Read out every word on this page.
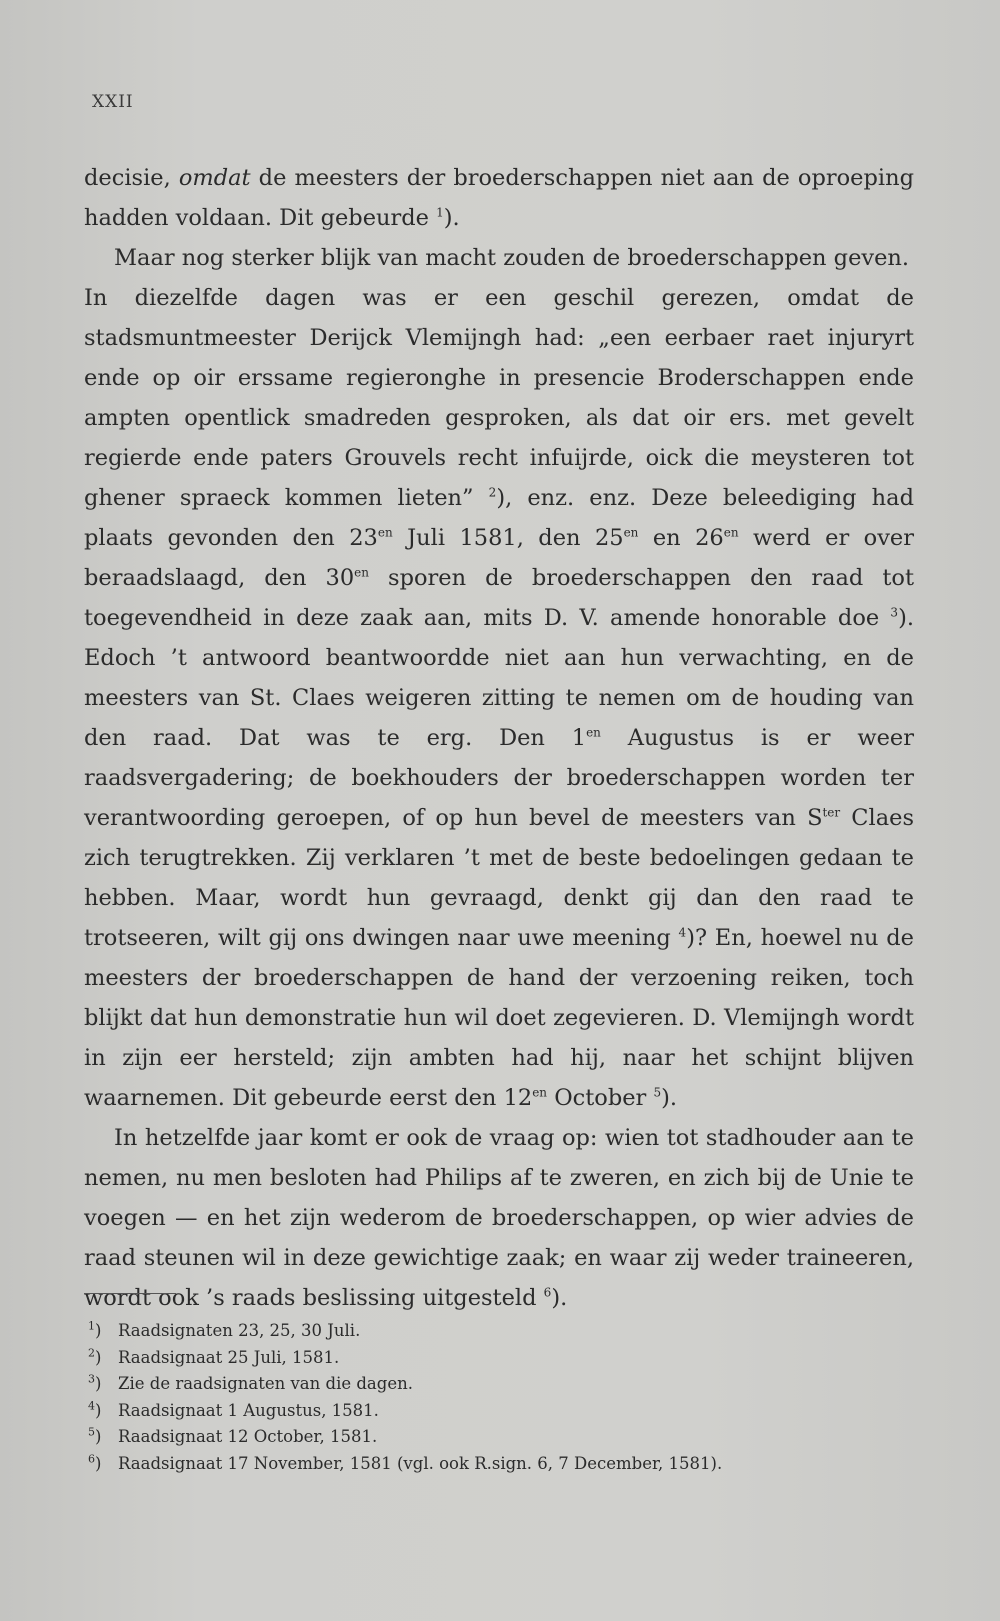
XXII

decisie, omdat de meesters der broederschappen niet aan de oproeping hadden voldaan. Dit gebeurde $^1$).

Maar nog sterker blijk van macht zouden de broederschappen geven.

In diezelfde dagen was er een geschil gerezen, omdat de stadsmuntmeester Derijck Vlemijngh had: „een eerbaer raet injuryrt ende op oir erssame regieronghe in presencie Broderschappen ende ampten opentlick smadreden gesproken, als dat oir ers. met gevelt regierde ende paters Grouvels recht infuijrde, oick die meysteren tot ghener spraeck kommen lieten” $^2$), enz. enz. Deze beleediging had plaats gevonden den $23^{en}$ Juli 1581, den $25^{en}$ en $26^{en}$ werd er over beraadslaagd, den $30^{en}$ sporen de broederschappen den raad tot toegevendheid in deze zaak aan, mits D. V. amende honorable doe $^3$). Edoch ’t antwoord beantwoordde niet aan hun verwachting, en de meesters van St. Claes weigeren zitting te nemen om de houding van den raad. Dat was te erg. Den $1^{en}$ Augustus is er weer raadsvergadering; de boekhouders der broederschappen worden ter verantwoording geroepen, of op hun bevel de meesters van $S^{ter}$ Claes zich terugtrekken. Zij verklaren ’t met de beste bedoelingen gedaan te hebben. Maar, wordt hun gevraagd, denkt gij dan den raad te trotseeren, wilt gij ons dwingen naar uwe meening $^4$)? En, hoewel nu de meesters der broederschappen de hand der verzoening reiken, toch blijkt dat hun demonstratie hun wil doet zegevieren. D. Vlemijngh wordt in zijn eer hersteld; zijn ambten had hij, naar het schijnt blijven waarnemen. Dit gebeurde eerst den $12^{en}$ October $^5$).

In hetzelfde jaar komt er ook de vraag op: wien tot stadhouder aan te nemen, nu men besloten had Philips af te zweren, en zich bij de Unie te voegen — en het zijn wederom de broederschappen, op wier advies de raad steunen wil in deze gewichtige zaak; en waar zij weder traineeren, wordt ook ’s raads beslissing uitgesteld $^6$).

$^1$)	Raadsignaten 23, 25, 30 Juli.
$^2$)	Raadsignaat 25 Juli, 1581.
$^3$)	Zie de raadsignaten van die dagen.
$^4$)	Raadsignaat 1 Augustus, 1581.
$^5$)	Raadsignaat 12 October, 1581.
$^6$)	Raadsignaat 17 November, 1581 (vgl. ook R.sign. 6, 7 December, 1581).
